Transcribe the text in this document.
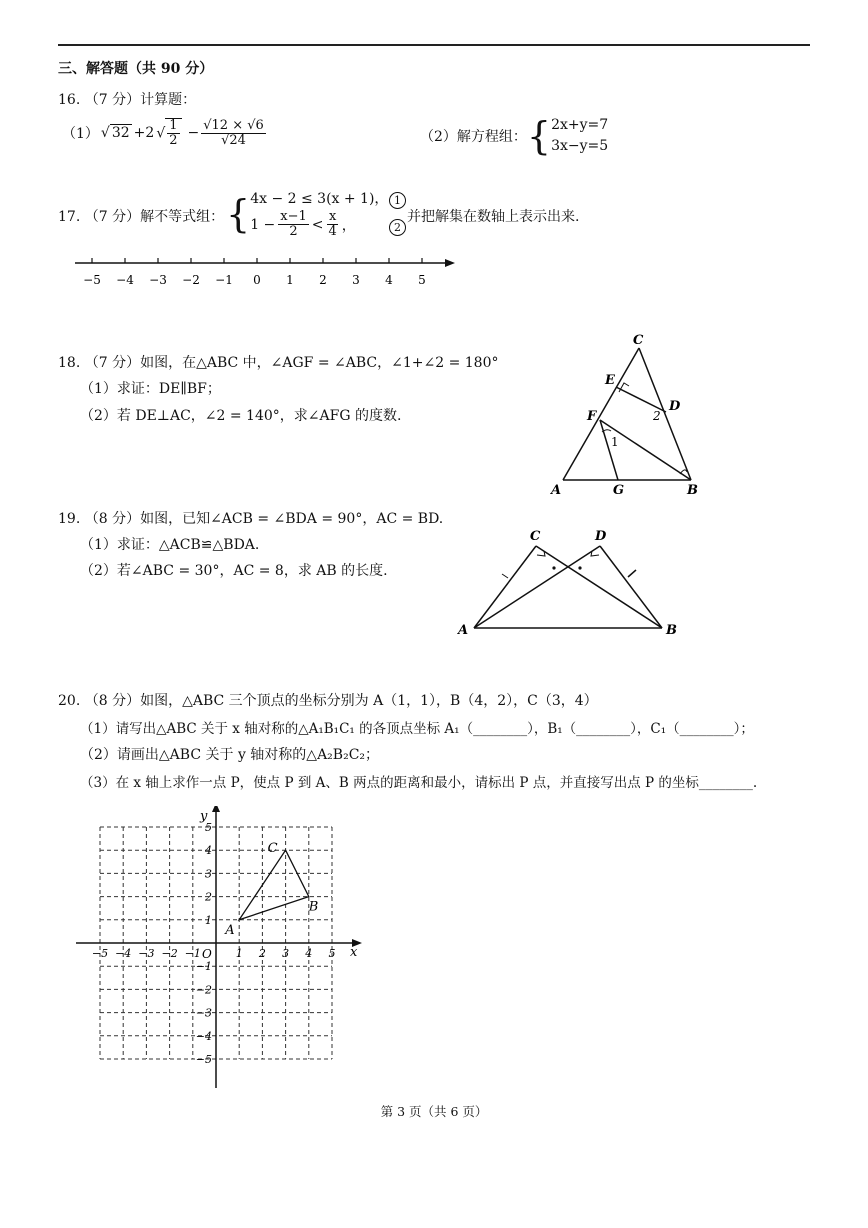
三、解答题（共 90 分）
16. （7 分）计算题：
（1） √ 32 +2 √ $\frac{1}{2} - \frac{√12 \times √6}{√24}$	（2）解方程组： { 2x+y=7
3x−y=5
17. （7 分）解不等式组： { 4x − 2 ≤ 3(x + 1)，
$1 - \frac{x-1}{2} < \frac{x}{4}$ ，
1
2
并把解集在数轴上表示出来.
−5 −4 −3 −2 −1 0 1 2 3 4 5
18. （7 分）如图，在△ABC 中，∠AGF = ∠ABC，∠1+∠2 = 180°
（1）求证：DE∥BF；
（2）若 DE⊥AC，∠2 = 140°，求∠AFG 的度数.
C
E
D
F
A	G	B
1
2
19. （8 分）如图，已知∠ACB = ∠BDA = 90°，AC = BD.
（1）求证：△ACB≌△BDA.
（2）若∠ABC = 30°，AC = 8，求 AB 的长度.
C	D
A	B
20. （8 分）如图，△ABC 三个顶点的坐标分别为 A（1，1），B（4，2），C（3，4）
（1）请写出△ABC 关于 x 轴对称的△A₁B₁C₁ 的各顶点坐标 A₁（________），B₁（________），C₁（________）；
（2）请画出△ABC 关于 y 轴对称的△A₂B₂C₂；
（3）在 x 轴上求作一点 P，使点 P 到 A、B 两点的距离和最小，请标出 P 点，并直接写出点 P 的坐标________.
x
y
O
−5 −4 −3 −2 −1	1 2 3 4 5
5
4
3
2
1
−1
−2
−3
−4
−5
A
B
C
第 3 页（共 6 页）
